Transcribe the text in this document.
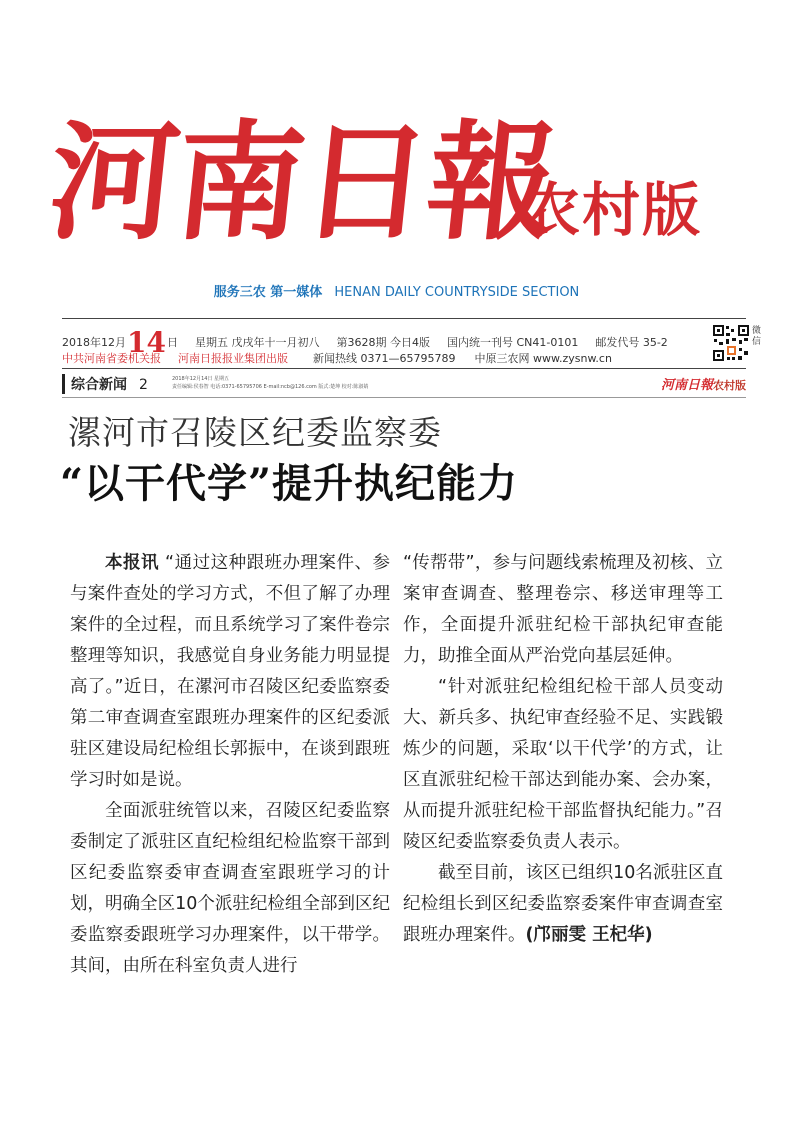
河南日報
农村版
服务三农 第一媒体 HENAN DAILY COUNTRYSIDE SECTION
2018年12月14日 星期五 戊戌年十一月初八 第3628期 今日4版 国内统一刊号 CN41-0101 邮发代号 35-2
中共河南省委机关报 河南日报报业集团出版 新闻热线 0371—65795789 中原三农网 www.zysnw.cn
微信
综合新闻 2	2018年12月14日 星期五
责任编辑:侯春智 电话:0371-65795706 E-mail:ncb@126.com 版式:楚坤 校对:陈淑婧	河南日報农村版
漯河市召陵区纪委监察委
“以干代学”提升执纪能力

本报讯 “通过这种跟班办理案件、参与案件查处的学习方式，不但了解了办理案件的全过程，而且系统学习了案件卷宗整理等知识，我感觉自身业务能力明显提高了。”近日，在漯河市召陵区纪委监察委第二审查调查室跟班办理案件的区纪委派驻区建设局纪检组长郭振中，在谈到跟班学习时如是说。

全面派驻统管以来，召陵区纪委监察委制定了派驻区直纪检组纪检监察干部到区纪委监察委审查调查室跟班学习的计划，明确全区10个派驻纪检组全部到区纪委监察委跟班学习办理案件，以干带学。其间，由所在科室负责人进行

“传帮带”，参与问题线索梳理及初核、立案审查调查、整理卷宗、移送审理等工作，全面提升派驻纪检干部执纪审查能力，助推全面从严治党向基层延伸。

“针对派驻纪检组纪检干部人员变动大、新兵多、执纪审查经验不足、实践锻炼少的问题，采取‘以干代学’的方式，让区直派驻纪检干部达到能办案、会办案，从而提升派驻纪检干部监督执纪能力。”召陵区纪委监察委负责人表示。

截至目前，该区已组织10名派驻区直纪检组长到区纪委监察委案件审查调查室跟班办理案件。(邝丽雯 王杞华)
